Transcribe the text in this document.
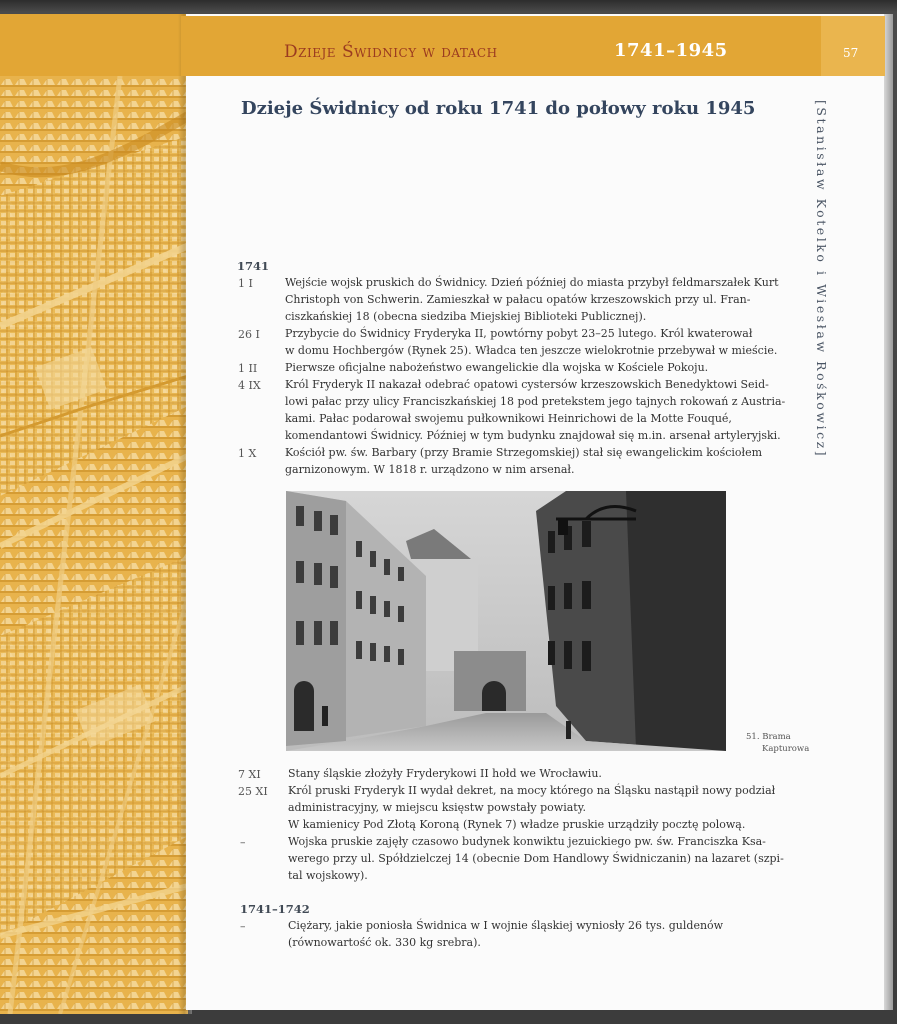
Dzieje Świdnicy w datach	1741–1945	57
Dzieje Świdnicy od roku 1741 do połowy roku 1945	[Stanisław Kotelko i Wiesław Rośkowicz]
1741
1 I	Wejście wojsk pruskich do Świdnicy. Dzień później do miasta przybył feldmarszałek Kurt
Christoph von Schwerin. Zamieszkał w pałacu opatów krzeszowskich przy ul. Fran-
ciszkańskiej 18 (obecna siedziba Miejskiej Biblioteki Publicznej).
26 I Przybycie do Świdnicy Fryderyka II, powtórny pobyt 23–25 lutego. Król kwaterował
w domu Hochbergów (Rynek 25). Władca ten jeszcze wielokrotnie przebywał w mieście.
1 II	Pierwsze oficjalne nabożeństwo ewangelickie dla wojska w Kościele Pokoju.
4 IX Król Fryderyk II nakazał odebrać opatowi cystersów krzeszowskich Benedyktowi Seid-
lowi pałac przy ulicy Franciszkańskiej 18 pod pretekstem jego tajnych rokowań z Austria-
kami. Pałac podarował swojemu pułkownikowi Heinrichowi de la Motte Fouqué,
komendantowi Świdnicy. Później w tym budynku znajdował się m.in. arsenał artyleryjski.
1 X	Kościół pw. św. Barbary (przy Bramie Strzegomskiej) stał się ewangelickim kościołem
garnizonowym. W 1818 r. urządzono w nim arsenał.
51. Brama
Kapturowa
7 XI Stany śląskie złożyły Fryderykowi II hołd we Wrocławiu.
25 XI Król pruski Fryderyk II wydał dekret, na mocy którego na Śląsku nastąpił nowy podział
administracyjny, w miejscu księstw powstały powiaty.
W kamienicy Pod Złotą Koroną (Rynek 7) władze pruskie urządziły pocztę polową.
–	Wojska pruskie zajęły czasowo budynek konwiktu jezuickiego pw. św. Franciszka Ksa-
werego przy ul. Spółdzielczej 14 (obecnie Dom Handlowy Świdniczanin) na lazaret (szpi-
tal wojskowy).
1741–1742
–	Ciężary, jakie poniosła Świdnica w I wojnie śląskiej wyniosły 26 tys. guldenów
(równowartość ok. 330 kg srebra).
